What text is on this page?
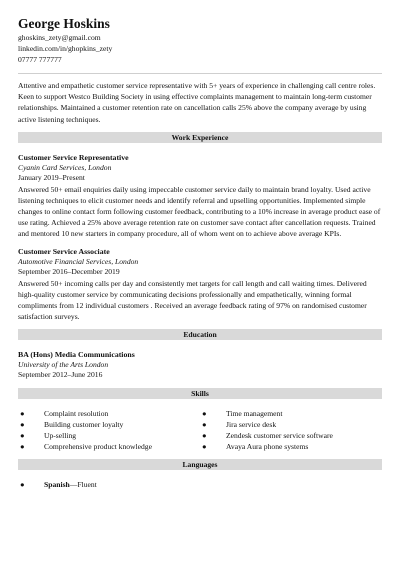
George Hoskins
ghoskins_zety@gmail.com
linkedin.com/in/ghopkins_zety
07777 777777

Attentive and empathetic customer service representative with 5+ years of experience in challenging call centre roles. Keen to support Westco Building Society in using effective complaints management to maintain long-term customer relationships. Maintained a customer retention rate on cancellation calls 25% above the company average by using active listening techniques.

Work Experience
Customer Service Representative
Cyanin Card Services, London
January 2019–Present
Answered 50+ email enquiries daily using impeccable customer service daily to maintain brand loyalty. Used active listening techniques to elicit customer needs and identify referral and upselling opportunities. Implemented simple changes to online contact form following customer feedback, contributing to a 10% increase in average product ease of use rating. Achieved a 25% above average retention rate on customer save contact after cancellation requests. Trained and mentored 10 new starters in company procedure, all of whom went on to achieve above average KPIs.
Customer Service Associate
Automotive Financial Services, London
September 2016–December 2019
Answered 50+ incoming calls per day and consistently met targets for call length and call waiting times. Delivered high-quality customer service by communicating decisions professionally and empathetically, winning formal compliments from 12 individual customers . Received an average feedback rating of 97% on randomised customer satisfaction surveys.
Education
BA (Hons) Media Communications
University of the Arts London
September 2012–June 2016
Skills
●	Complaint resolution
●	Building customer loyalty
●	Up-selling
●	Comprehensive product knowledge
●	Time management
●	Jira service desk
●	Zendesk customer service software
●	Avaya Aura phone systems
Languages
●	Spanish —Fluent
